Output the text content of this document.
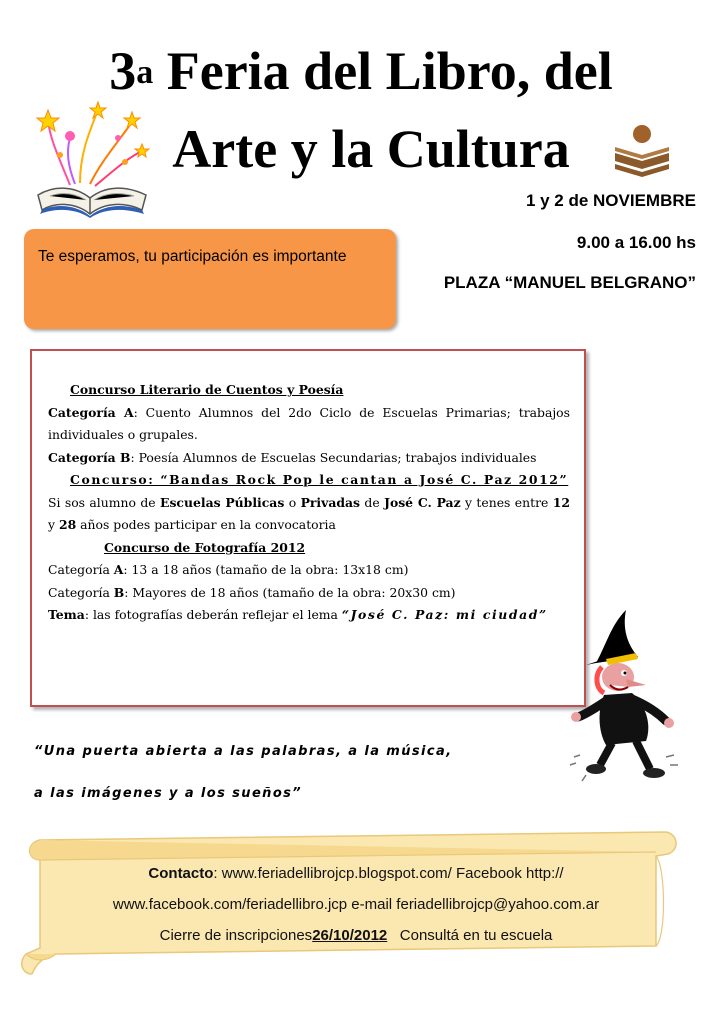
3$^a$ Feria del Libro, del
Arte y la Cultura
1 y 2 de NOVIEMBRE
9.00 a 16.00 hs
PLAZA “MANUEL BELGRANO”
Te esperamos, tu participación es importante

Concurso Literario de Cuentos y Poesía

Categoría A: Cuento Alumnos del 2do Ciclo de Escuelas Primarias; trabajos individuales o grupales.

Categoría B: Poesía Alumnos de Escuelas Secundarias; trabajos individuales

Concurso: “Bandas Rock Pop le cantan a José C. Paz 2012”

Si sos alumno de Escuelas Públicas o Privadas de José C. Paz y tenes entre 12 y 28 años podes participar en la convocatoria

Concurso de Fotografía 2012

Categoría A: 13 a 18 años (tamaño de la obra: 13x18 cm)

Categoría B: Mayores de 18 años (tamaño de la obra: 20x30 cm)

Tema: las fotografías deberán reflejar el lema “José C. Paz: mi ciudad”

“Una puerta abierta a las palabras, a la música,

a las imágenes y a los sueños”

Contacto: www.feriadellibrojcp.blogspot.com/ Facebook http://
www.facebook.com/feriadellibro.jcp e-mail feriadellibrojcp@yahoo.com.ar
Cierre de inscripciones26/10/2012   Consultá en tu escuela
